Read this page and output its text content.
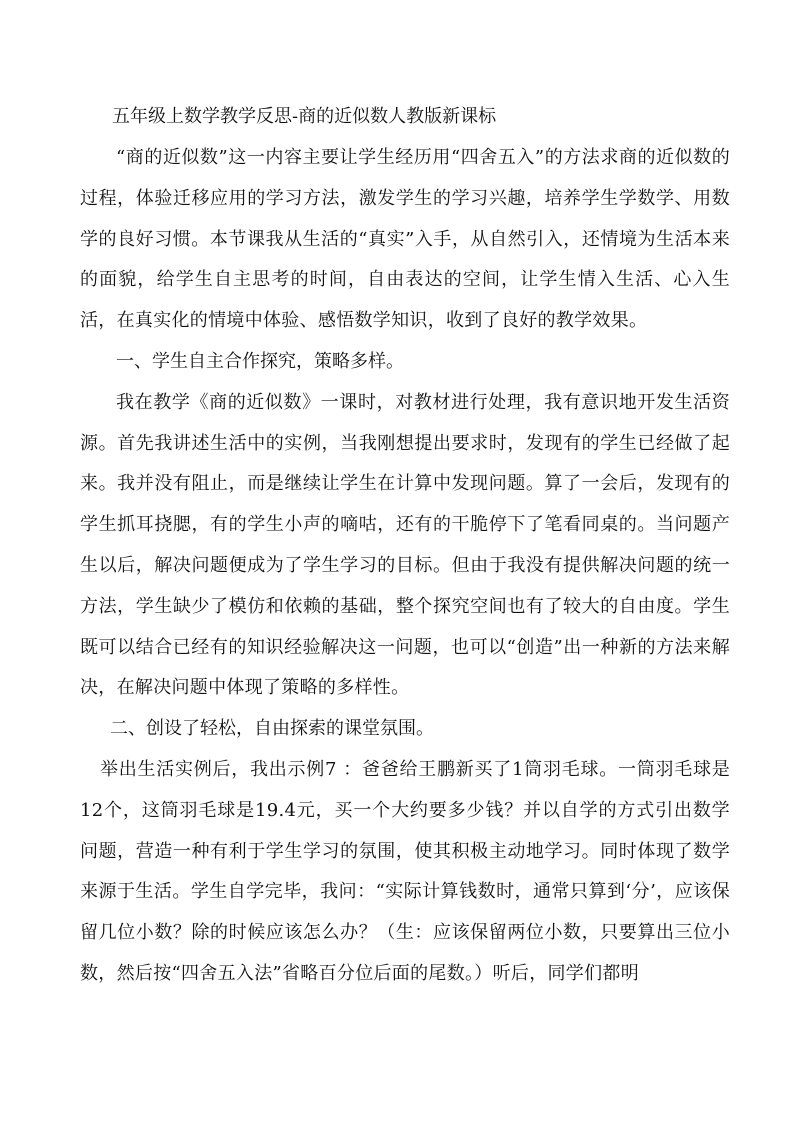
五年级上数学教学反思-商的近似数人教版新课标

“商的近似数”这一内容主要让学生经历用“四舍五入”的方法求商的近似数的过程，体验迁移应用的学习方法，激发学生的学习兴趣，培养学生学数学、用数学的良好习惯。本节课我从生活的“真实”入手，从自然引入，还情境为生活本来的面貌，给学生自主思考的时间，自由表达的空间，让学生情入生活、心入生活，在真实化的情境中体验、感悟数学知识，收到了良好的教学效果。

一、学生自主合作探究，策略多样。

我在教学《商的近似数》一课时，对教材进行处理，我有意识地开发生活资源。首先我讲述生活中的实例，当我刚想提出要求时，发现有的学生已经做了起来。我并没有阻止，而是继续让学生在计算中发现问题。算了一会后，发现有的学生抓耳挠腮，有的学生小声的嘀咕，还有的干脆停下了笔看同桌的。当问题产生以后，解决问题便成为了学生学习的目标。但由于我没有提供解决问题的统一方法，学生缺少了模仿和依赖的基础，整个探究空间也有了较大的自由度。学生既可以结合已经有的知识经验解决这一问题，也可以“创造”出一种新的方法来解决，在解决问题中体现了策略的多样性。

二、创设了轻松，自由探索的课堂氛围。

举出生活实例后，我出示例7 ：爸爸给王鹏新买了1筒羽毛球。一筒羽毛球是12个，这筒羽毛球是19.4元，买一个大约要多少钱？并以自学的方式引出数学问题，营造一种有利于学生学习的氛围，使其积极主动地学习。同时体现了数学来源于生活。学生自学完毕，我问：“实际计算钱数时，通常只算到‘分’，应该保留几位小数？除的时候应该怎么办？（生：应该保留两位小数，只要算出三位小数，然后按“四舍五入法”省略百分位后面的尾数。）听后，同学们都明
